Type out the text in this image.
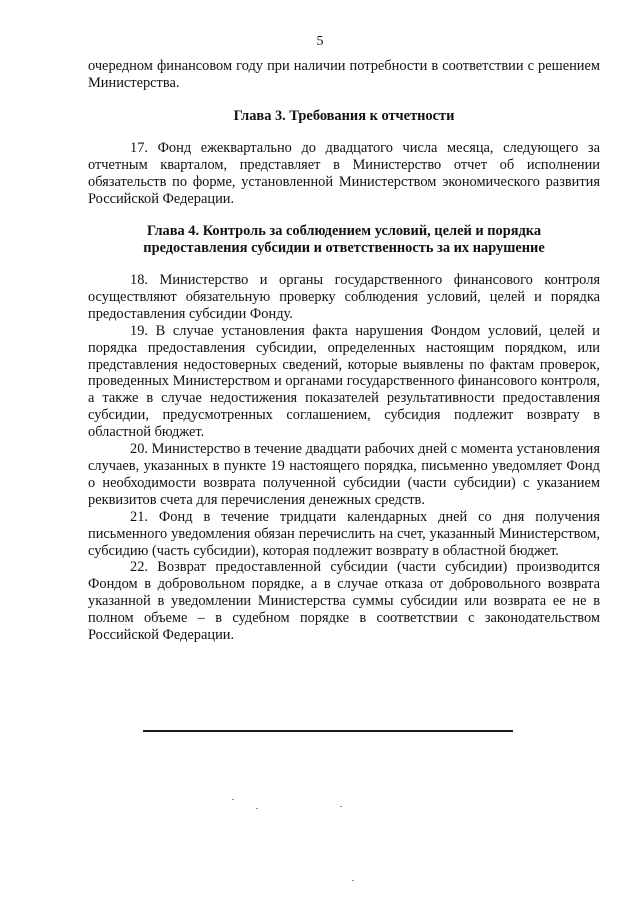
5

очередном финансовом году при наличии потребности в соответствии с решением Министерства.

Глава 3. Требования к отчетности

17. Фонд ежеквартально до двадцатого числа месяца, следующего за отчетным кварталом, представляет в Министерство отчет об исполнении обязательств по форме, установленной Министерством экономического развития Российской Федерации.

Глава 4. Контроль за соблюдением условий, целей и порядка
предоставления субсидии и ответственность за их нарушение

18. Министерство и органы государственного финансового контроля осуществляют обязательную проверку соблюдения условий, целей и порядка предоставления субсидии Фонду.

19. В случае установления факта нарушения Фондом условий, целей и порядка предоставления субсидии, определенных настоящим порядком, или представления недостоверных сведений, которые выявлены по фактам проверок, проведенных Министерством и органами государственного финансового контроля, а также в случае недостижения показателей результативности предоставления субсидии, предусмотренных соглашением, субсидия подлежит возврату в областной бюджет.

20. Министерство в течение двадцати рабочих дней с момента установления случаев, указанных в пункте 19 настоящего порядка, письменно уведомляет Фонд о необходимости возврата полученной субсидии (части субсидии) с указанием реквизитов счета для перечисления денежных средств.

21. Фонд в течение тридцати календарных дней со дня получения письменного уведомления обязан перечислить на счет, указанный Министерством, субсидию (часть субсидии), которая подлежит возврату в областной бюджет.

22. Возврат предоставленной субсидии (части субсидии) производится Фондом в добровольном порядке, а в случае отказа от добровольного возврата указанной в уведомлении Министерства суммы субсидии или возврата ее не в полном объеме – в судебном порядке в соответствии с законодательством Российской Федерации.
